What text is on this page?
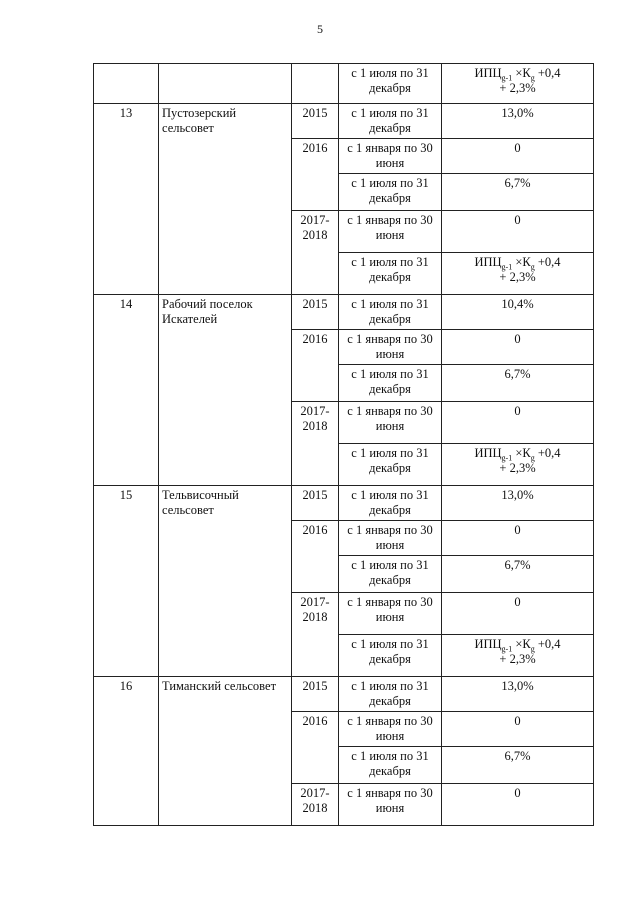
5
			с 1 июля по 31 декабря	$ИПЦ_{g-1} \times К_g +0,4$
+ 2,3%

13	Пустозерский сельсовет	2015	с 1 июля по 31 декабря	13,0%
		2016	с 1 января по 30 июня	0
			с 1 июля по 31 декабря	6,7%
		2017-2018	с 1 января по 30 июня	0
			с 1 июля по 31 декабря	$ИПЦ_{g-1} \times К_g +0,4$
+ 2,3%

14	Рабочий поселок Искателей	2015	с 1 июля по 31 декабря	10,4%
		2016	с 1 января по 30 июня	0
			с 1 июля по 31 декабря	6,7%
		2017-2018	с 1 января по 30 июня	0
			с 1 июля по 31 декабря	$ИПЦ_{g-1} \times К_g +0,4$
+ 2,3%

15	Тельвисочный сельсовет	2015	с 1 июля по 31 декабря	13,0%
		2016	с 1 января по 30 июня	0
			с 1 июля по 31 декабря	6,7%
		2017-2018	с 1 января по 30 июня	0
			с 1 июля по 31 декабря	$ИПЦ_{g-1} \times К_g +0,4$
+ 2,3%

16	Тиманский сельсовет	2015	с 1 июля по 31 декабря	13,0%
		2016	с 1 января по 30 июня	0
			с 1 июля по 31 декабря	6,7%
		2017-2018	с 1 января по 30 июня	0
